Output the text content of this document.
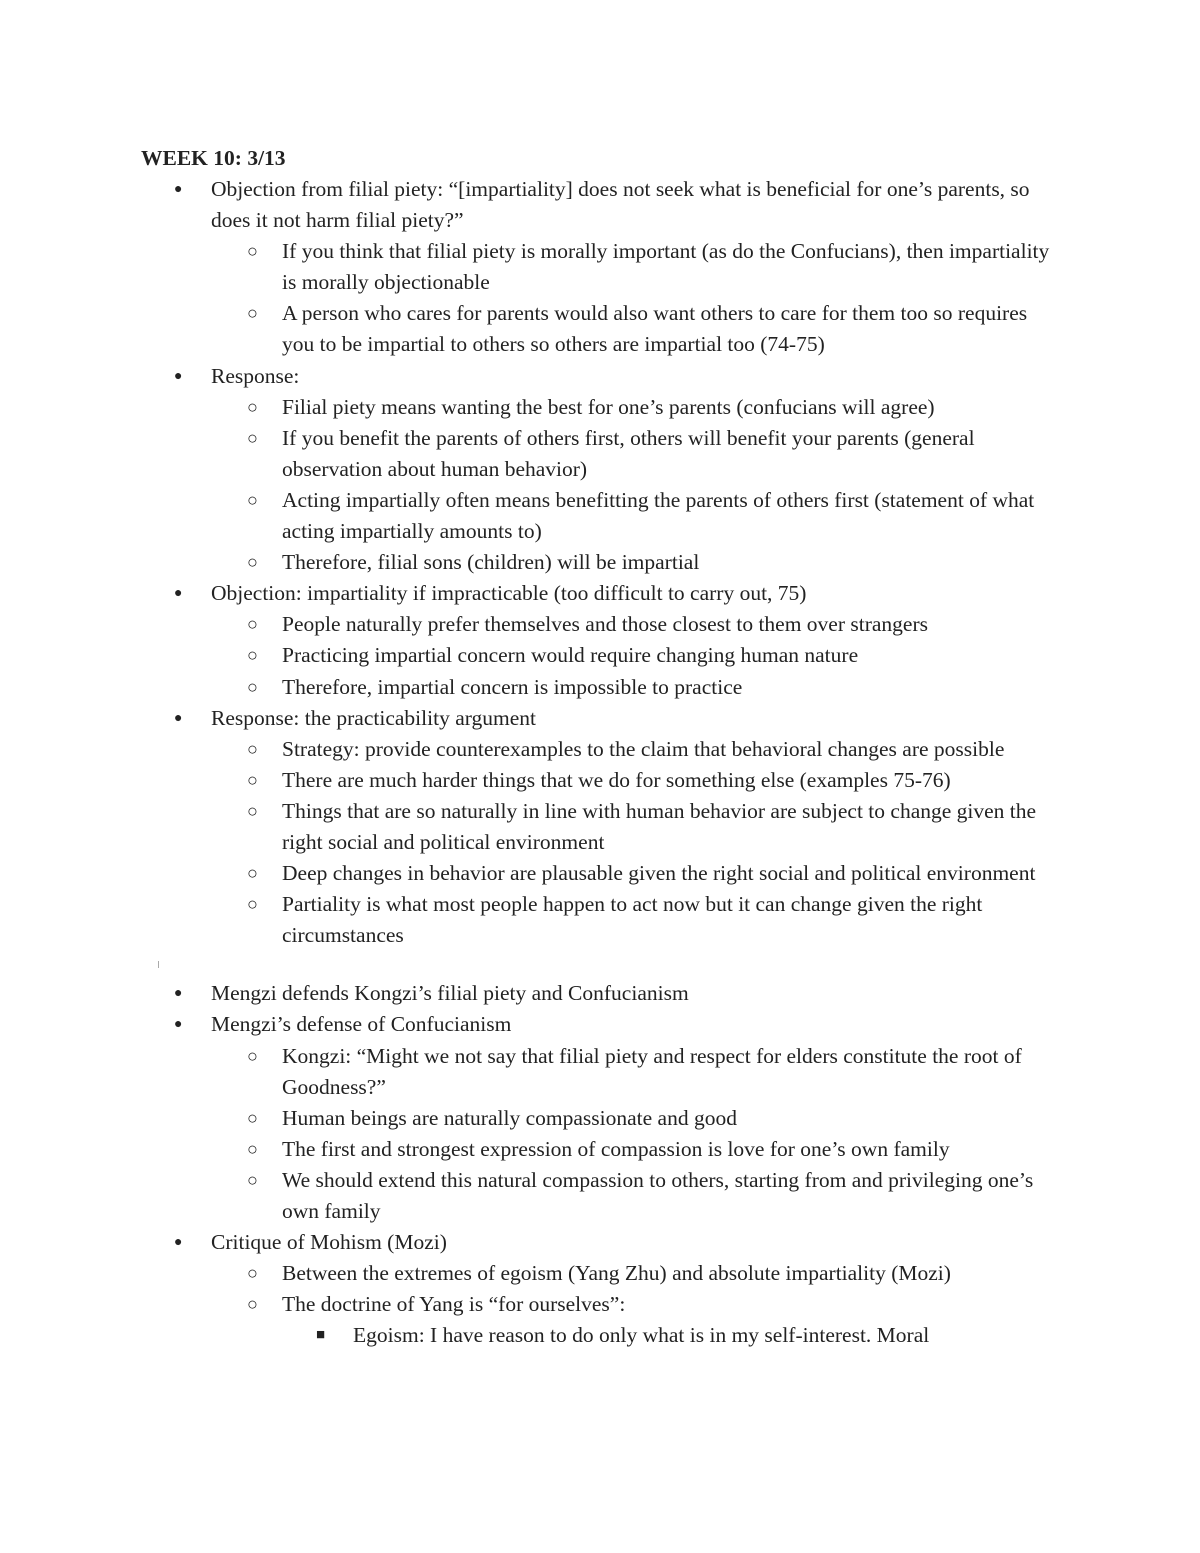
WEEK 10: 3/13
● Objection from filial piety: “[impartiality] does not seek what is beneficial for one’s parents, so does it not harm filial piety?”
○ If you think that filial piety is morally important (as do the Confucians), then impartiality is morally objectionable
○ A person who cares for parents would also want others to care for them too so requires you to be impartial to others so others are impartial too (74-75)
● Response:
○ Filial piety means wanting the best for one’s parents (confucians will agree)
○ If you benefit the parents of others first, others will benefit your parents (general observation about human behavior)
○ Acting impartially often means benefitting the parents of others first (statement of what acting impartially amounts to)
○ Therefore, filial sons (children) will be impartial
● Objection: impartiality if impracticable (too difficult to carry out, 75)
○ People naturally prefer themselves and those closest to them over strangers
○ Practicing impartial concern would require changing human nature
○ Therefore, impartial concern is impossible to practice
● Response: the practicability argument
○ Strategy: provide counterexamples to the claim that behavioral changes are possible
○ There are much harder things that we do for something else (examples 75-76)
○ Things that are so naturally in line with human behavior are subject to change given the right social and political environment
○ Deep changes in behavior are plausable given the right social and political environment
○ Partiality is what most people happen to act now but it can change given the right circumstances
● Mengzi defends Kongzi’s filial piety and Confucianism
● Mengzi’s defense of Confucianism
○ Kongzi: “Might we not say that filial piety and respect for elders constitute the root of Goodness?”
○ Human beings are naturally compassionate and good
○ The first and strongest expression of compassion is love for one’s own family
○ We should extend this natural compassion to others, starting from and privileging one’s own family
● Critique of Mohism (Mozi)
○ Between the extremes of egoism (Yang Zhu) and absolute impartiality (Mozi)
○ The doctrine of Yang is “for ourselves”:
■ Egoism: I have reason to do only what is in my self-interest. Moral
